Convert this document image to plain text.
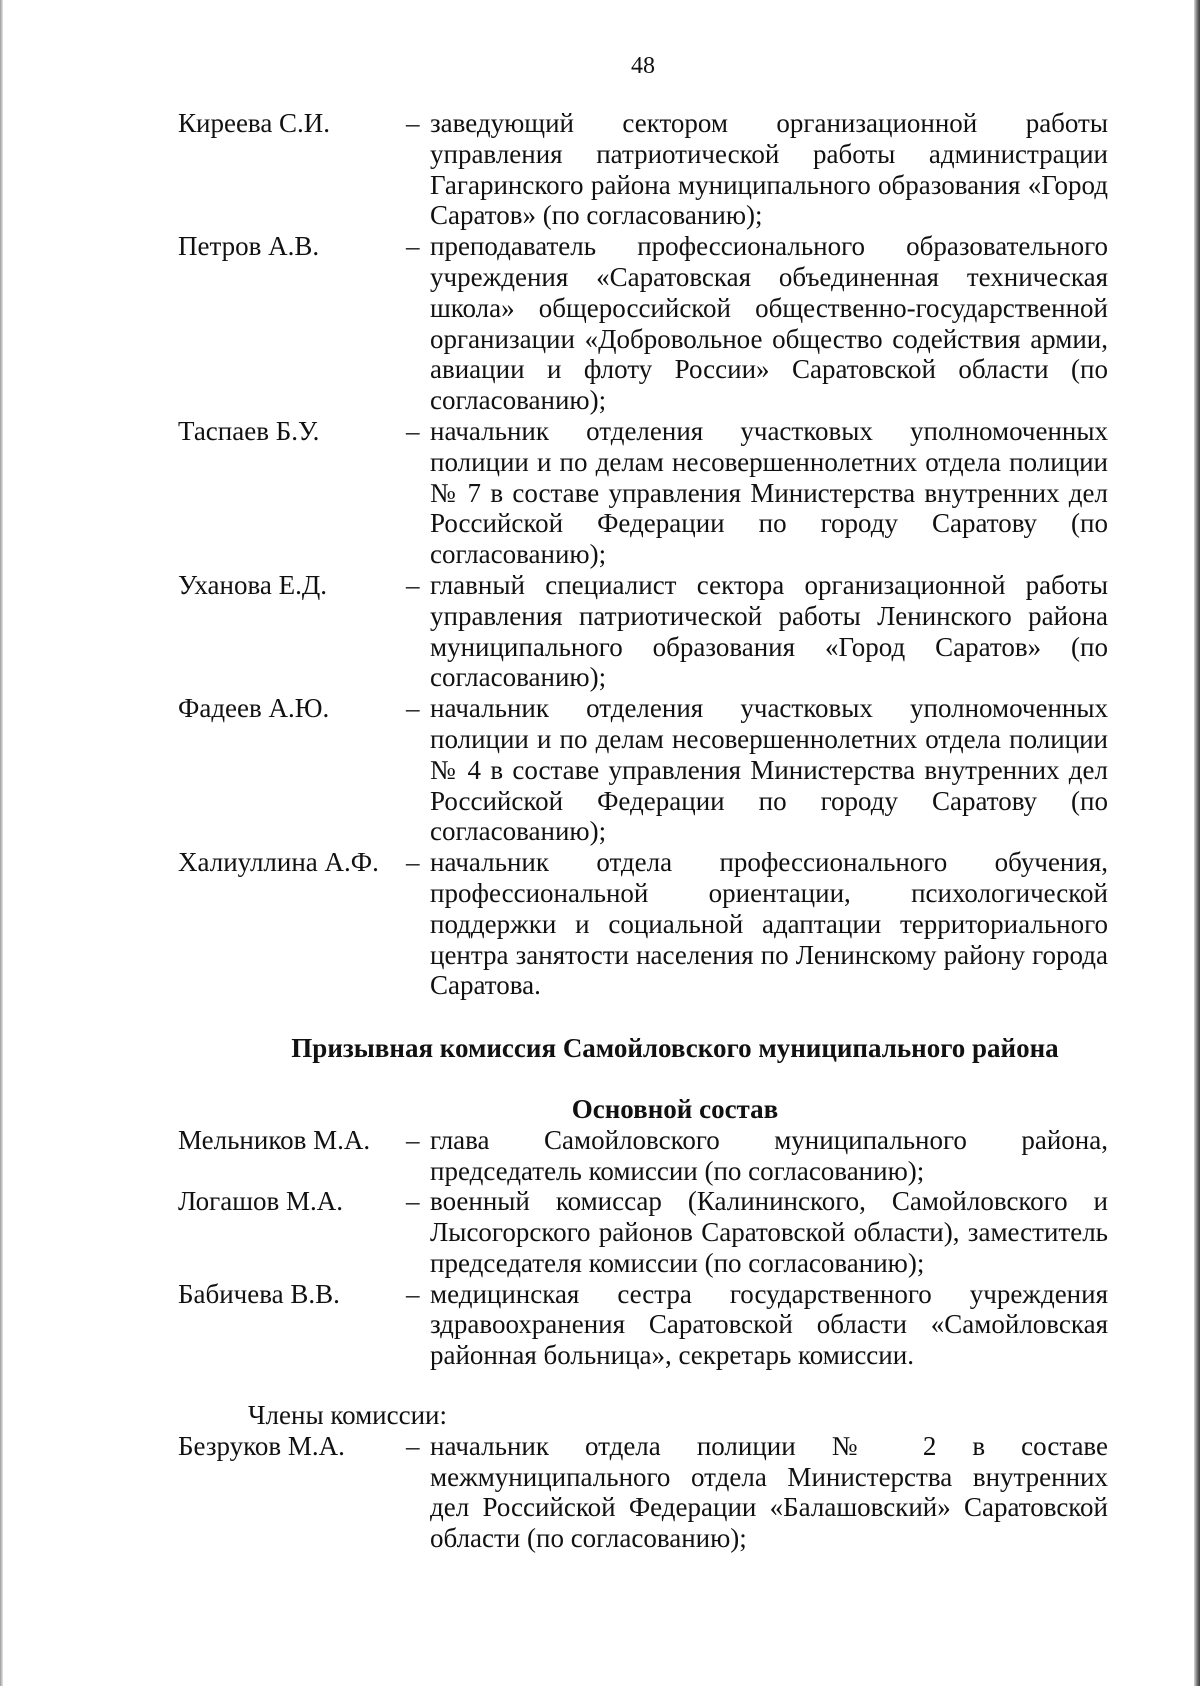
48
Киреева С.И.	– заведующий сектором организационной работы управления патриотической работы администрации Гагаринского района муниципального образования «Город Саратов» (по согласованию);
Петров А.В.	– преподаватель профессионального образовательного учреждения «Саратовская объединенная техническая школа» общероссийской общественно-государственной организации «Добровольное общество содействия армии, авиации и флоту России» Саратовской области (по согласованию);
Таспаев Б.У.	– начальник отделения участковых уполномоченных полиции и по делам несовершеннолетних отдела полиции № 7 в составе управления Министерства внутренних дел Российской Федерации по городу Саратову (по согласованию);
Уханова Е.Д.	– главный специалист сектора организационной работы управления патриотической работы Ленинского района муниципального образования «Город Саратов» (по согласованию);
Фадеев А.Ю.	– начальник отделения участковых уполномоченных полиции и по делам несовершеннолетних отдела полиции № 4 в составе управления Министерства внутренних дел Российской Федерации по городу Саратову (по согласованию);
Халиуллина А.Ф.	– начальник отдела профессионального обучения, профессиональной ориентации, психологической поддержки и социальной адаптации территориального центра занятости населения по Ленинскому району города Саратова.
Призывная комиссия Самойловского муниципального района
Основной состав
Мельников М.А.	– глава Самойловского муниципального района, председатель комиссии (по согласованию);
Логашов М.А.	– военный комиссар (Калининского, Самойловского и Лысогорского районов Саратовской области), заместитель председателя комиссии (по согласованию);
Бабичева В.В.	– медицинская сестра государственного учреждения здравоохранения Саратовской области «Самойловская районная больница», секретарь комиссии.
Члены комиссии:
Безруков М.А.	– начальник отдела полиции № 2 в составе межмуниципального отдела Министерства внутренних дел Российской Федерации «Балашовский» Саратовской области (по согласованию);
